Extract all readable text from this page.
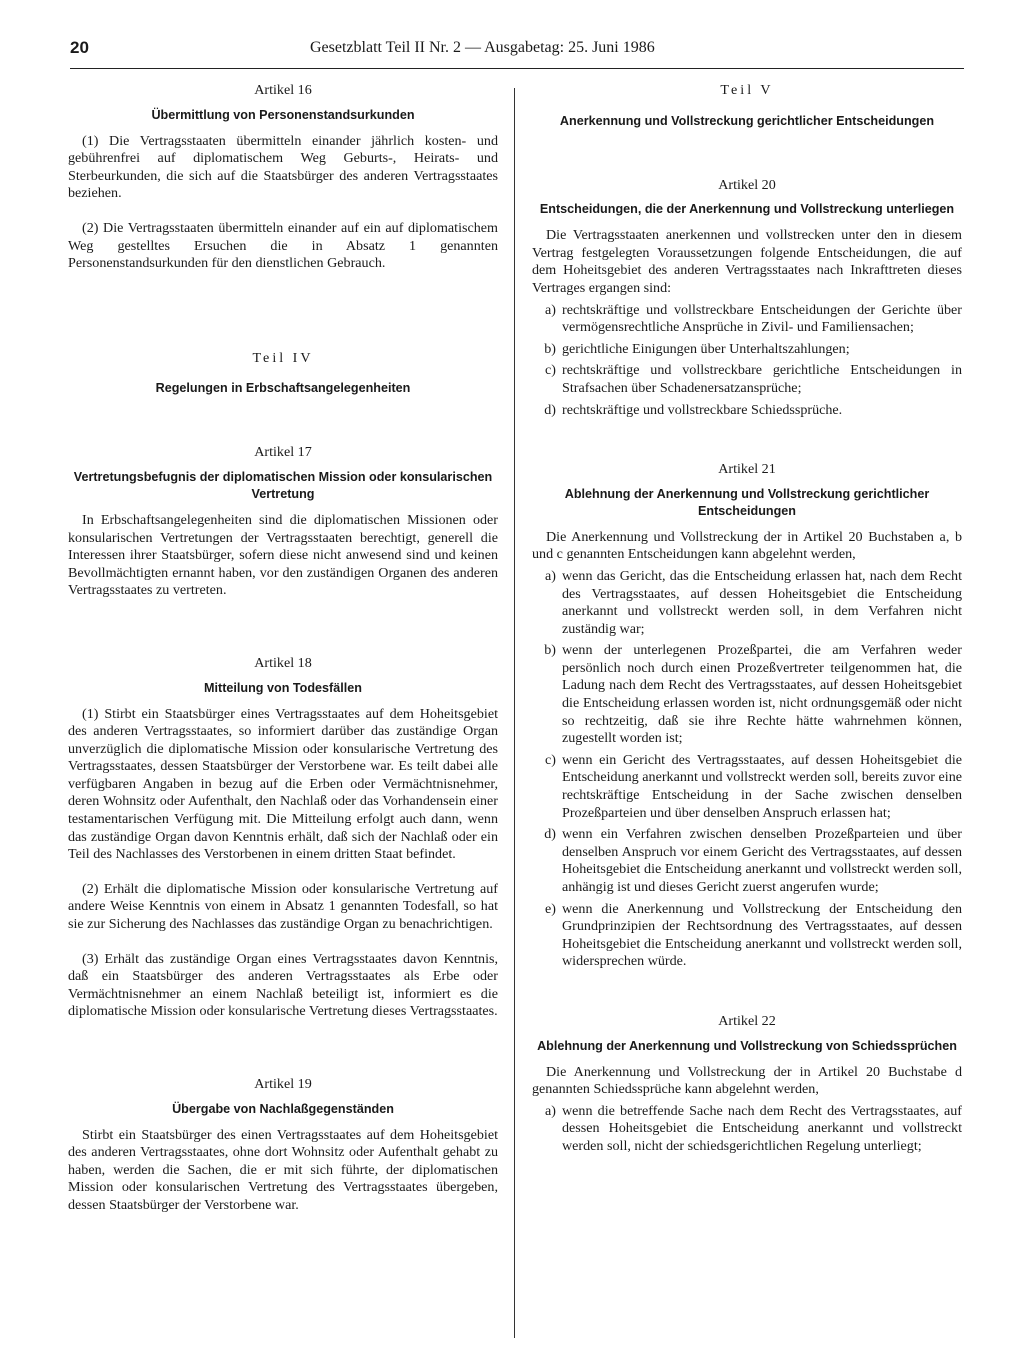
20	Gesetzblatt Teil II Nr. 2 — Ausgabetag: 25. Juni 1986
Artikel 16
Übermittlung von Personenstandsurkunden

(1) Die Vertragsstaaten übermitteln einander jährlich kosten- und gebührenfrei auf diplomatischem Weg Geburts-, Heirats- und Sterbeurkunden, die sich auf die Staatsbürger des anderen Vertragsstaates beziehen.

(2) Die Vertragsstaaten übermitteln einander auf ein auf diplomatischem Weg gestelltes Ersuchen die in Absatz 1 genannten Personenstandsurkunden für den dienstlichen Gebrauch.

Teil IV
Regelungen in Erbschaftsangelegenheiten
Artikel 17
Vertretungsbefugnis der diplomatischen Mission oder konsularischen Vertretung

In Erbschaftsangelegenheiten sind die diplomatischen Missionen oder konsularischen Vertretungen der Vertragsstaaten berechtigt, generell die Interessen ihrer Staatsbürger, sofern diese nicht anwesend sind und keinen Bevollmächtigten ernannt haben, vor den zuständigen Organen des anderen Vertragsstaates zu vertreten.

Artikel 18
Mitteilung von Todesfällen

(1) Stirbt ein Staatsbürger eines Vertragsstaates auf dem Hoheitsgebiet des anderen Vertragsstaates, so informiert darüber das zuständige Organ unverzüglich die diplomatische Mission oder konsularische Vertretung des Vertragsstaates, dessen Staatsbürger der Verstorbene war. Es teilt dabei alle verfügbaren Angaben in bezug auf die Erben oder Vermächtnisnehmer, deren Wohnsitz oder Aufenthalt, den Nachlaß oder das Vorhandensein einer testamentarischen Verfügung mit. Die Mitteilung erfolgt auch dann, wenn das zuständige Organ davon Kenntnis erhält, daß sich der Nachlaß oder ein Teil des Nachlasses des Verstorbenen in einem dritten Staat befindet.

(2) Erhält die diplomatische Mission oder konsularische Vertretung auf andere Weise Kenntnis von einem in Absatz 1 genannten Todesfall, so hat sie zur Sicherung des Nachlasses das zuständige Organ zu benachrichtigen.

(3) Erhält das zuständige Organ eines Vertragsstaates davon Kenntnis, daß ein Staatsbürger des anderen Vertragsstaates als Erbe oder Vermächtnisnehmer an einem Nachlaß beteiligt ist, informiert es die diplomatische Mission oder konsularische Vertretung dieses Vertragsstaates.

Artikel 19
Übergabe von Nachlaßgegenständen

Stirbt ein Staatsbürger des einen Vertragsstaates auf dem Hoheitsgebiet des anderen Vertragsstaates, ohne dort Wohnsitz oder Aufenthalt gehabt zu haben, werden die Sachen, die er mit sich führte, der diplomatischen Mission oder konsularischen Vertretung des Vertragsstaates übergeben, dessen Staatsbürger der Verstorbene war.

Teil V
Anerkennung und Vollstreckung gerichtlicher Entscheidungen
Artikel 20
Entscheidungen, die der Anerkennung und Vollstreckung unterliegen

Die Vertragsstaaten anerkennen und vollstrecken unter den in diesem Vertrag festgelegten Voraussetzungen folgende Entscheidungen, die auf dem Hoheitsgebiet des anderen Vertragsstaates nach Inkrafttreten dieses Vertrages ergangen sind:

a) rechtskräftige und vollstreckbare Entscheidungen der Gerichte über vermögensrechtliche Ansprüche in Zivil- und Familiensachen;
b) gerichtliche Einigungen über Unterhaltszahlungen;
c) rechtskräftige und vollstreckbare gerichtliche Entscheidungen in Strafsachen über Schadenersatzansprüche;
d) rechtskräftige und vollstreckbare Schiedssprüche.
Artikel 21
Ablehnung der Anerkennung und Vollstreckung gerichtlicher Entscheidungen

Die Anerkennung und Vollstreckung der in Artikel 20 Buchstaben a, b und c genannten Entscheidungen kann abgelehnt werden,

a) wenn das Gericht, das die Entscheidung erlassen hat, nach dem Recht des Vertragsstaates, auf dessen Hoheitsgebiet die Entscheidung anerkannt und vollstreckt werden soll, in dem Verfahren nicht zuständig war;
b) wenn der unterlegenen Prozeßpartei, die am Verfahren weder persönlich noch durch einen Prozeßvertreter teilgenommen hat, die Ladung nach dem Recht des Vertragsstaates, auf dessen Hoheitsgebiet die Entscheidung erlassen worden ist, nicht ordnungsgemäß oder nicht so rechtzeitig, daß sie ihre Rechte hätte wahrnehmen können, zugestellt worden ist;
c) wenn ein Gericht des Vertragsstaates, auf dessen Hoheitsgebiet die Entscheidung anerkannt und vollstreckt werden soll, bereits zuvor eine rechtskräftige Entscheidung in der Sache zwischen denselben Prozeßparteien und über denselben Anspruch erlassen hat;
d) wenn ein Verfahren zwischen denselben Prozeßparteien und über denselben Anspruch vor einem Gericht des Vertragsstaates, auf dessen Hoheitsgebiet die Entscheidung anerkannt und vollstreckt werden soll, anhängig ist und dieses Gericht zuerst angerufen wurde;
e) wenn die Anerkennung und Vollstreckung der Entscheidung den Grundprinzipien der Rechtsordnung des Vertragsstaates, auf dessen Hoheitsgebiet die Entscheidung anerkannt und vollstreckt werden soll, widersprechen würde.
Artikel 22
Ablehnung der Anerkennung und Vollstreckung von Schiedssprüchen

Die Anerkennung und Vollstreckung der in Artikel 20 Buchstabe d genannten Schiedssprüche kann abgelehnt werden,

a) wenn die betreffende Sache nach dem Recht des Vertragsstaates, auf dessen Hoheitsgebiet die Entscheidung anerkannt und vollstreckt werden soll, nicht der schiedsgerichtlichen Regelung unterliegt;
